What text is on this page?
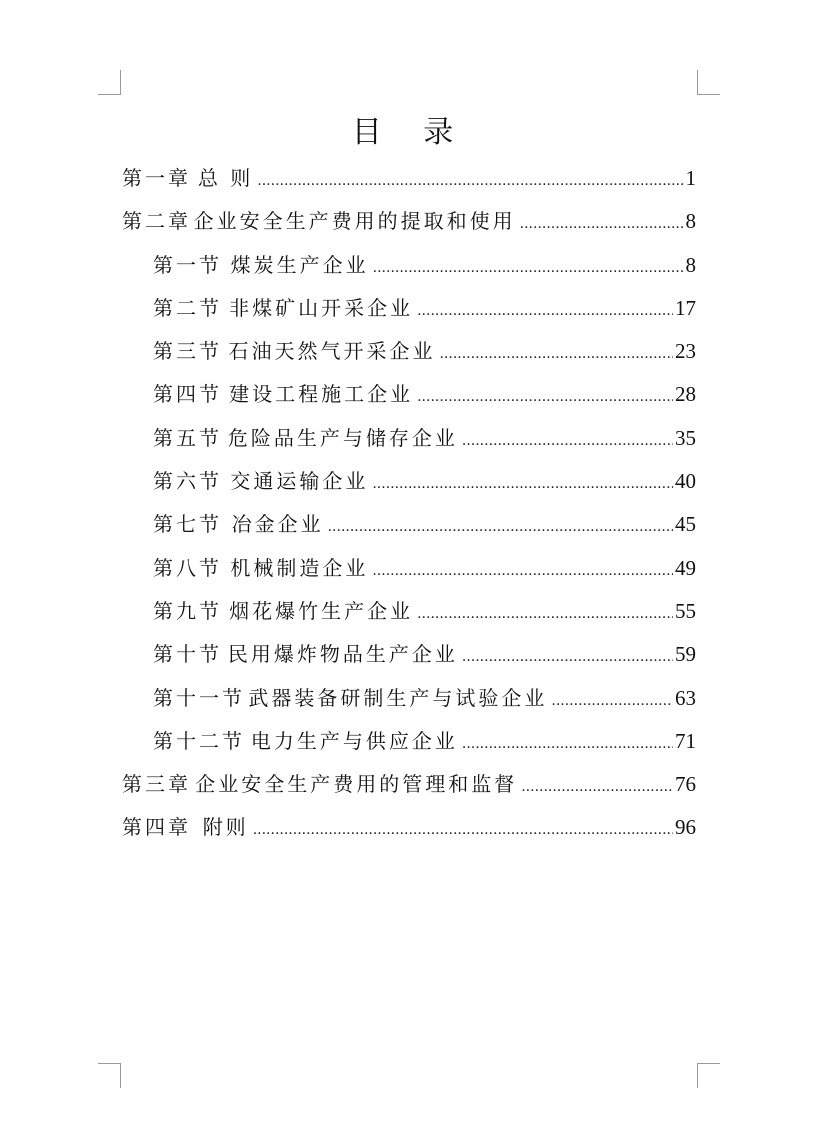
目 录
第一章 总 则 .....	1
第二章 企业安全生产费用的提取和使用 .....	8
第一节 煤炭生产企业 .....	8
第二节 非煤矿山开采企业 .....	17
第三节 石油天然气开采企业 .....	23
第四节 建设工程施工企业 .....	28
第五节 危险品生产与储存企业 .....	35
第六节 交通运输企业 .....	40
第七节 冶金企业 .....	45
第八节 机械制造企业 .....	49
第九节 烟花爆竹生产企业 .....	55
第十节 民用爆炸物品生产企业 .....	59
第十一节 武器装备研制生产与试验企业 .....	63
第十二节 电力生产与供应企业 .....	71
第三章 企业安全生产费用的管理和监督 .....	76
第四章 附则 .....	96
